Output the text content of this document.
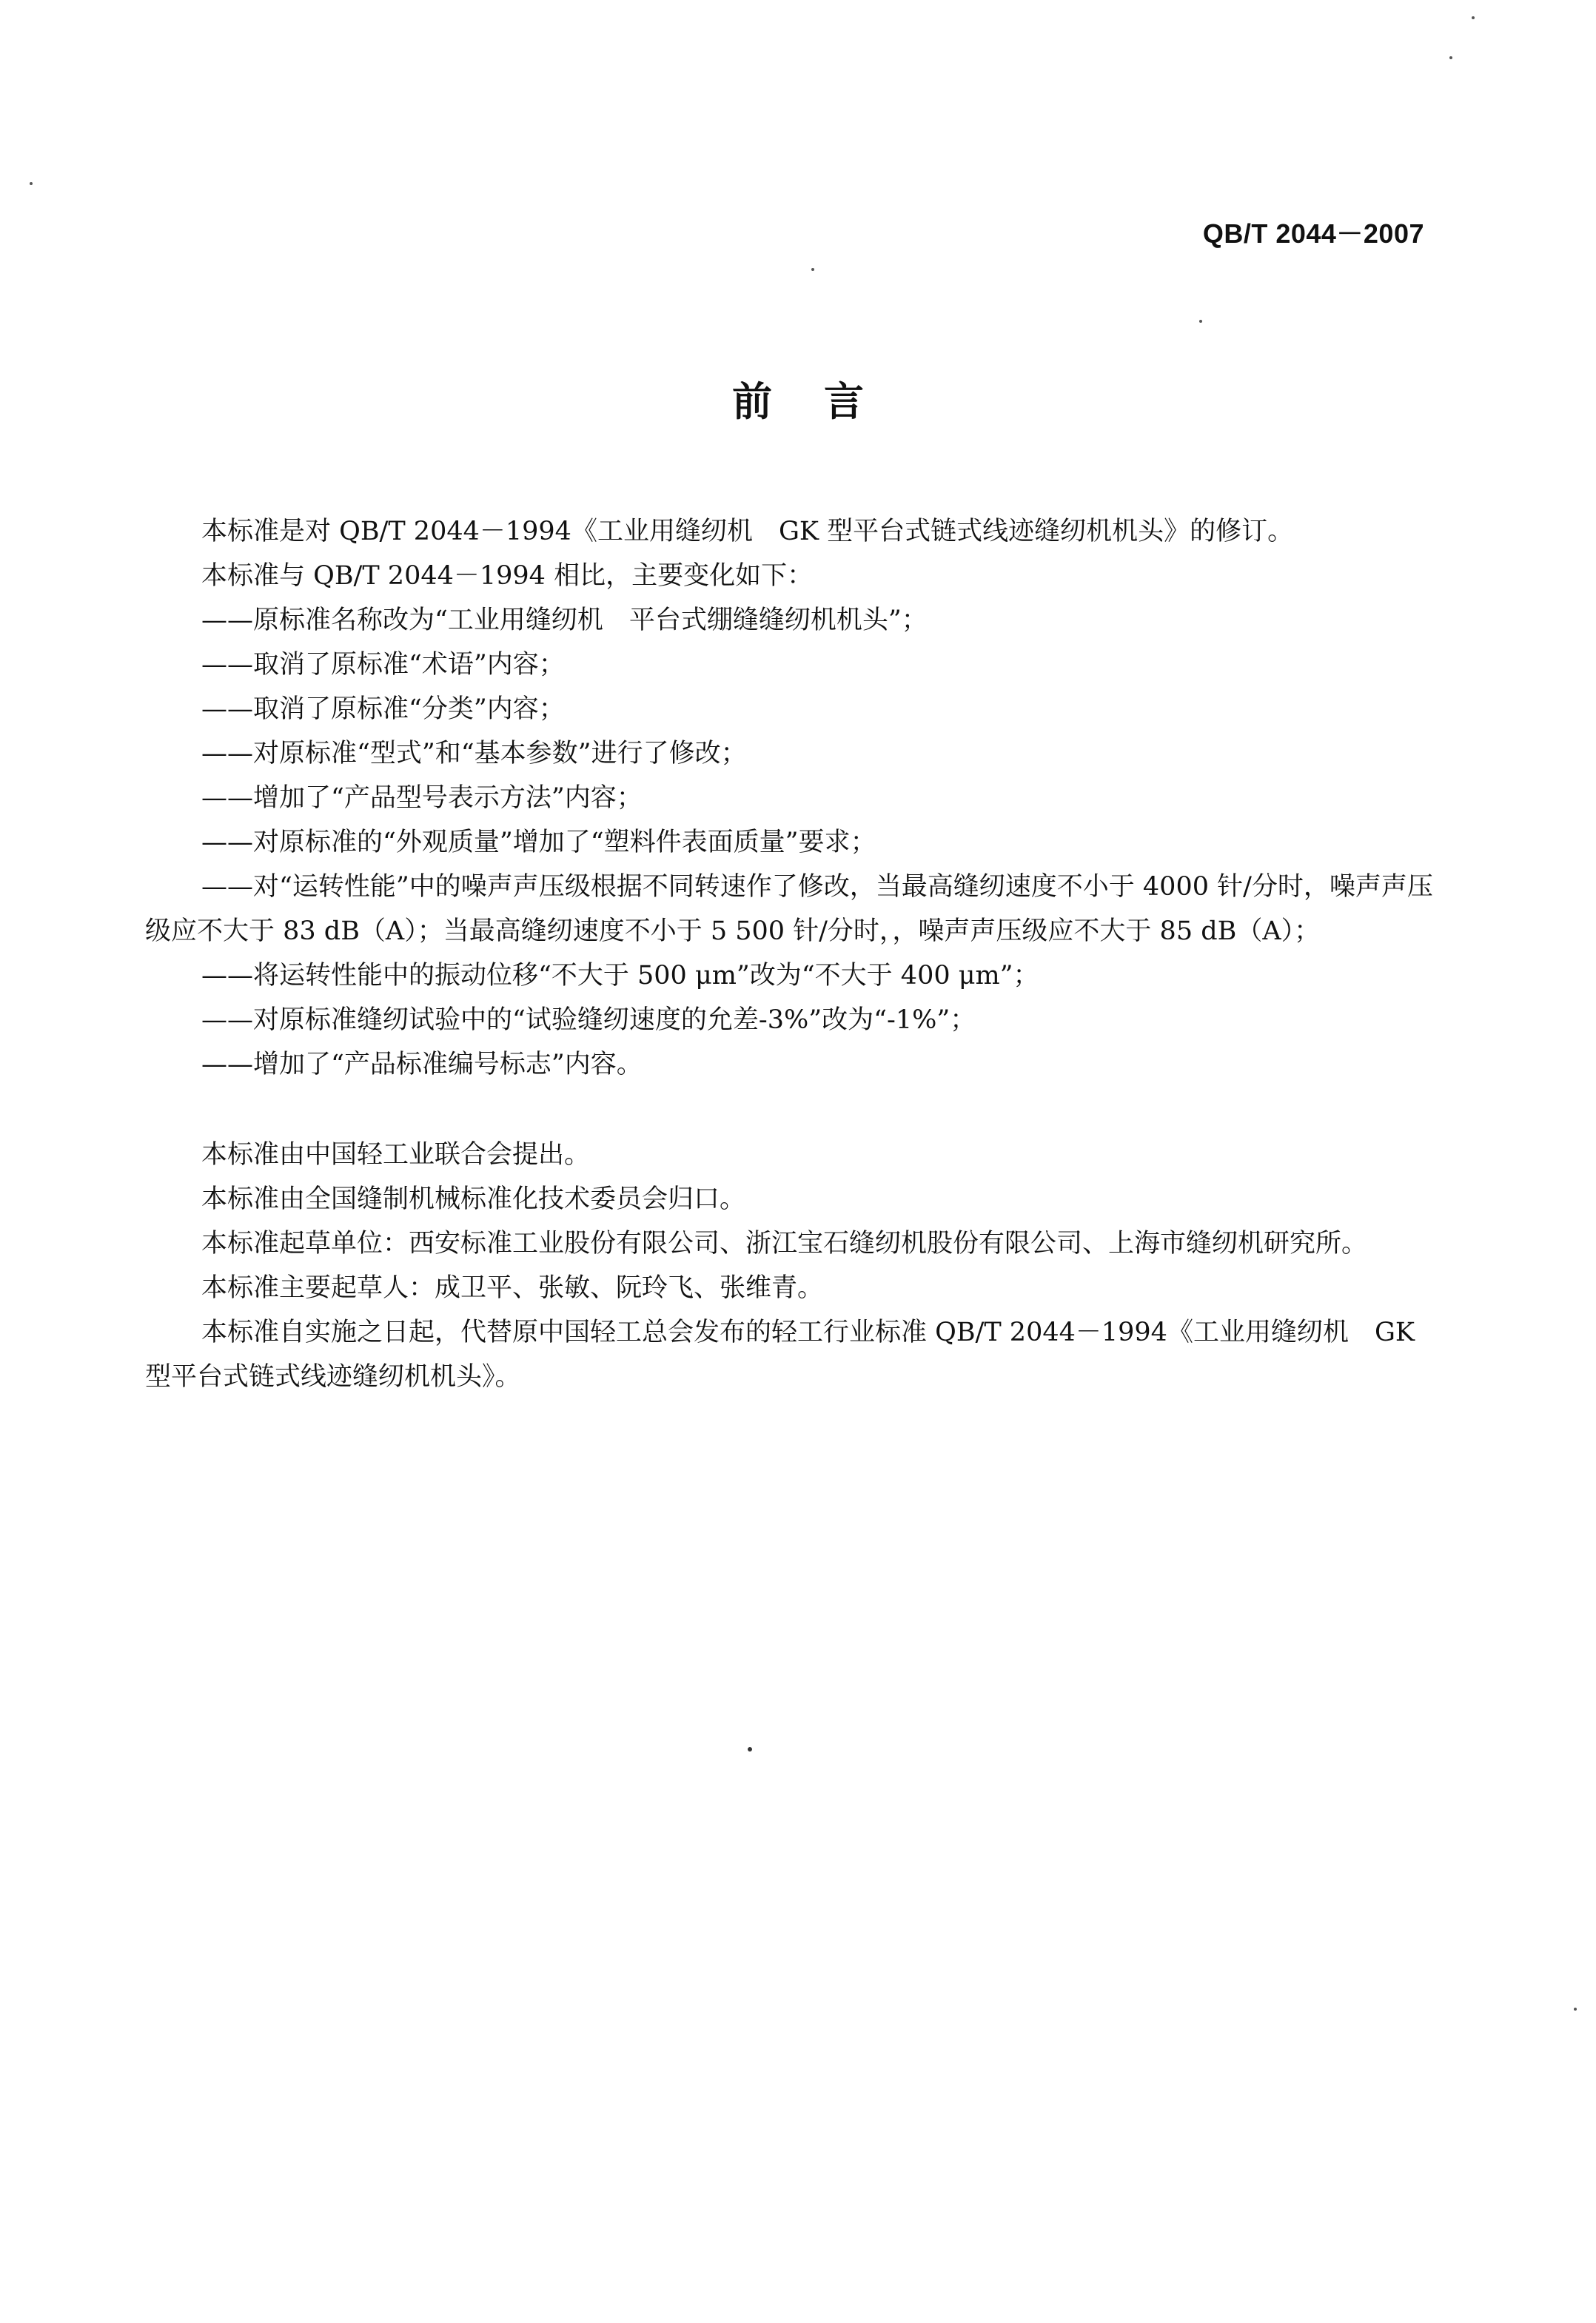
QB/T 2044－2007
前言

本标准是对 QB/T 2044－1994《工业用缝纫机　GK 型平台式链式线迹缝纫机机头》的修订。

本标准与 QB/T 2044－1994 相比，主要变化如下：

——原标准名称改为“工业用缝纫机　平台式绷缝缝纫机机头”；

——取消了原标准“术语”内容；

——取消了原标准“分类”内容；

——对原标准“型式”和“基本参数”进行了修改；

——增加了“产品型号表示方法”内容；

——对原标准的“外观质量”增加了“塑料件表面质量”要求；

——对“运转性能”中的噪声声压级根据不同转速作了修改，当最高缝纫速度不小于 4000 针/分时，噪声声压级应不大于 83 dB（A）；当最高缝纫速度不小于 5 500 针/分时，，噪声声压级应不大于 85 dB（A）；

——将运转性能中的振动位移“不大于 500 μm”改为“不大于 400 μm”；

——对原标准缝纫试验中的“试验缝纫速度的允差-3%”改为“-1%”；

——增加了“产品标准编号标志”内容。

本标准由中国轻工业联合会提出。

本标准由全国缝制机械标准化技术委员会归口。

本标准起草单位：西安标准工业股份有限公司、浙江宝石缝纫机股份有限公司、上海市缝纫机研究所。

本标准主要起草人：成卫平、张敏、阮玲飞、张维青。

本标准自实施之日起，代替原中国轻工总会发布的轻工行业标准 QB/T 2044－1994《工业用缝纫机　GK 型平台式链式线迹缝纫机机头》。
